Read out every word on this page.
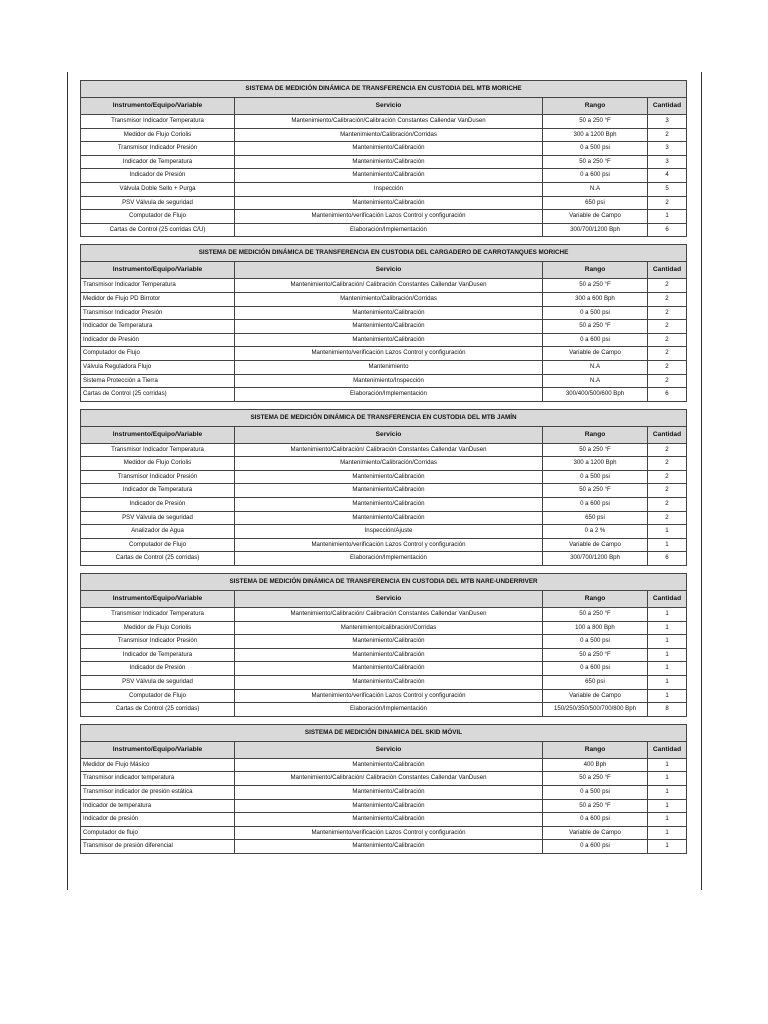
SISTEMA DE MEDICIÓN DINÁMICA DE TRANSFERENCIA EN CUSTODIA DEL MTB MORICHE			
Instrumento/Equipo/Variable	Servicio	Rango	Cantidad
Transmisor Indicador Temperatura	Mantenimiento/Calibración/Calibración Constantes Callendar VanDusen	50 a 250 °F	3
Medidor de Flujo Coriolis	Mantenimiento/Calibración/Corridas	300 a 1200 Bph	2
Transmisor Indicador Presión	Mantenimiento/Calibración	0 a 500 psi	3
Indicador de Temperatura	Mantenimiento/Calibración	50 a 250 °F	3
Indicador de Presión	Mantenimiento/Calibración	0 a 600 psi	4
Válvula Doble Sello + Purga	Inspección	N.A	5
PSV Válvula de seguridad	Mantenimiento/Calibración	650 psi	2
Computador de Flujo	Mantenimiento/verificación Lazos Control y configuración	Variable de Campo	1
Cartas de Control (25 corridas C/U)	Elaboración/Implementación	300/700/1200 Bph	6
SISTEMA DE MEDICIÓN DINÁMICA DE TRANSFERENCIA EN CUSTODIA DEL CARGADERO DE CARROTANQUES MORICHE			
Instrumento/Equipo/Variable	Servicio	Rango	Cantidad
Transmisor Indicador Temperatura	Mantenimiento/Calibración/ Calibración Constantes Callendar VanDusen	50 a 250 °F	2
Medidor de Flujo PD Birrotor	Mantenimiento/Calibración/Corridas	300 a 600 Bph	2
Transmisor Indicador Presión	Mantenimiento/Calibración	0 a 500 psi	2
Indicador de Temperatura	Mantenimiento/Calibración	50 a 250 °F	2
Indicador de Presión	Mantenimiento/Calibración	0 a 600 psi	2
Computador de Flujo	Mantenimiento/verificación Lazos Control y configuración	Variable de Campo	2
Válvula Reguladora Flujo	Mantenimiento	N.A	2
Sistema Protección a Tierra	Mantenimiento/Inspección	N.A	2
Cartas de Control (25 corridas)	Elaboración/Implementación	300/400/500/600 Bph	6
SISTEMA DE MEDICIÓN DINÁMICA DE TRANSFERENCIA EN CUSTODIA DEL MTB JAMÍN			
Instrumento/Equipo/Variable	Servicio	Rango	Cantidad
Transmisor Indicador Temperatura	Mantenimiento/Calibración/ Calibración Constantes Callendar VanDusen	50 a 250 °F	2
Medidor de Flujo Coriolis	Mantenimiento/Calibración/Corridas	300 a 1200 Bph	2
Transmisor Indicador Presión	Mantenimiento/Calibración	0 a 500 psi	2
Indicador de Temperatura	Mantenimiento/Calibración	50 a 250 °F	2
Indicador de Presión	Mantenimiento/Calibración	0 a 600 psi	2
PSV Válvula de seguridad	Mantenimiento/Calibración	650 psi	2
Analizador de Agua	Inspección/Ajuste	0 a 2 %	1
Computador de Flujo	Mantenimiento/verificación Lazos Control y configuración	Variable de Campo	1
Cartas de Control (25 corridas)	Elaboración/Implementación	300/700/1200 Bph	6
SISTEMA DE MEDICIÓN DINÁMICA DE TRANSFERENCIA EN CUSTODIA DEL MTB NARE-UNDERRIVER			
Instrumento/Equipo/Variable	Servicio	Rango	Cantidad
Transmisor Indicador Temperatura	Mantenimiento/Calibración/ Calibración Constantes Callendar VanDusen	50 a 250 °F	1
Medidor de Flujo Coriolis	Mantenimiento/calibración/Corridas	100 a 800 Bph	1
Transmisor Indicador Presión	Mantenimiento/Calibración	0 a 500 psi	1
Indicador de Temperatura	Mantenimiento/Calibración	50 a 250 °F	1
Indicador de Presión	Mantenimiento/Calibración	0 a 600 psi	1
PSV Válvula de seguridad	Mantenimiento/Calibración	650 psi	1
Computador de Flujo	Mantenimiento/verificación Lazos Control y configuración	Variable de Campo	1
Cartas de Control (25 corridas)	Elaboración/Implementación	150/250/350/500/700/800 Bph	8
SISTEMA DE MEDICIÓN DINAMICA DEL SKID MÓVIL			
Instrumento/Equipo/Variable	Servicio	Rango	Cantidad
Medidor de Flujo Másico	Mantenimiento/Calibración	400 Bph	1
Transmisor indicador temperatura	Mantenimiento/Calibración/ Calibración Constantes Callendar VanDusen	50 a 250 °F	1
Transmisor indicador de presión estática	Mantenimiento/Calibración	0 a 500 psi	1
Indicador de temperatura	Mantenimiento/Calibración	50 a 250 °F	1
Indicador de presión	Mantenimiento/Calibración	0 a 600 psi	1
Computador de flujo	Mantenimiento/verificación Lazos Control y configuración	Variable de Campo	1
Transmisor de presión diferencial	Mantenimiento/Calibración	0 a 600 psi	1
